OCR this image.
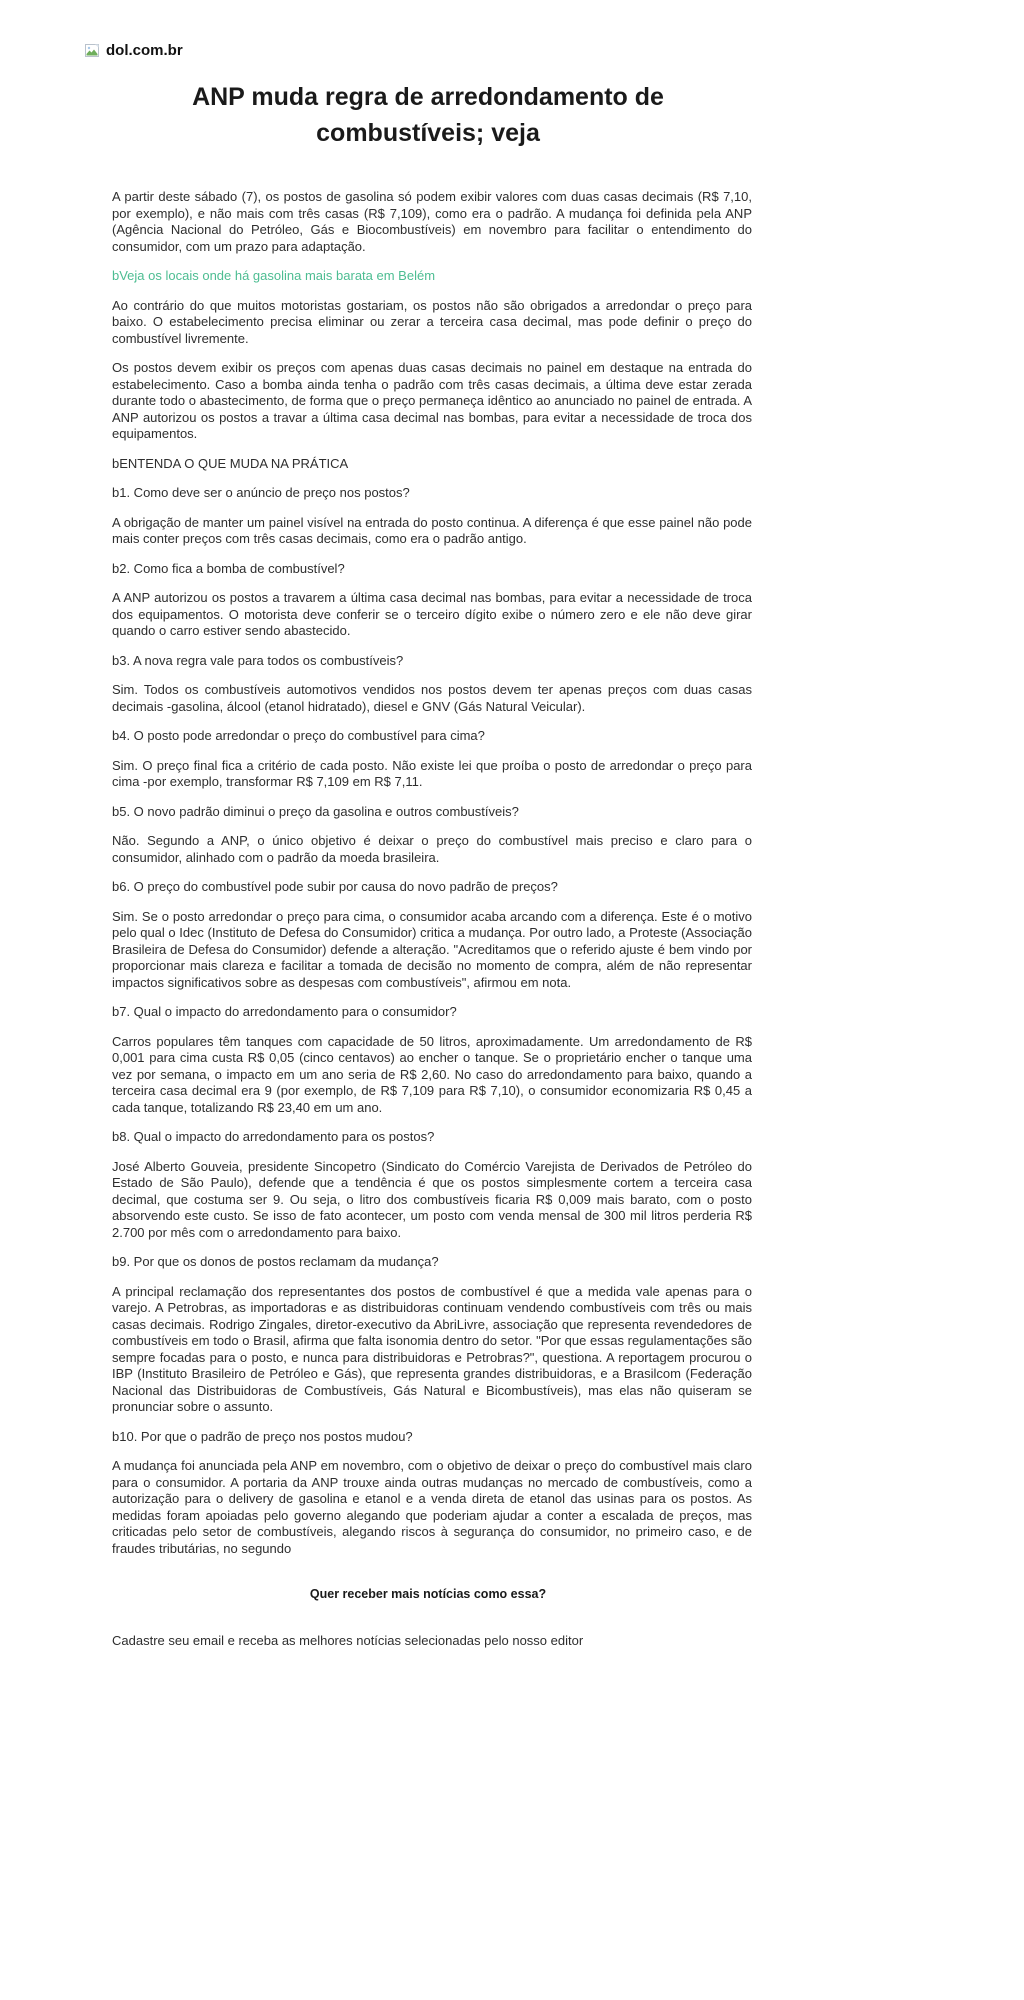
dol.com.br
ANP muda regra de arredondamento de combustíveis; veja

A partir deste sábado (7), os postos de gasolina só podem exibir valores com duas casas decimais (R$ 7,10, por exemplo), e não mais com três casas (R$ 7,109), como era o padrão. A mudança foi definida pela ANP (Agência Nacional do Petróleo, Gás e Biocombustíveis) em novembro para facilitar o entendimento do consumidor, com um prazo para adaptação.

bVeja os locais onde há gasolina mais barata em Belém

Ao contrário do que muitos motoristas gostariam, os postos não são obrigados a arredondar o preço para baixo. O estabelecimento precisa eliminar ou zerar a terceira casa decimal, mas pode definir o preço do combustível livremente.

Os postos devem exibir os preços com apenas duas casas decimais no painel em destaque na entrada do estabelecimento. Caso a bomba ainda tenha o padrão com três casas decimais, a última deve estar zerada durante todo o abastecimento, de forma que o preço permaneça idêntico ao anunciado no painel de entrada. A ANP autorizou os postos a travar a última casa decimal nas bombas, para evitar a necessidade de troca dos equipamentos.

bENTENDA O QUE MUDA NA PRÁTICA

b1. Como deve ser o anúncio de preço nos postos?

A obrigação de manter um painel visível na entrada do posto continua. A diferença é que esse painel não pode mais conter preços com três casas decimais, como era o padrão antigo.

b2. Como fica a bomba de combustível?

A ANP autorizou os postos a travarem a última casa decimal nas bombas, para evitar a necessidade de troca dos equipamentos. O motorista deve conferir se o terceiro dígito exibe o número zero e ele não deve girar quando o carro estiver sendo abastecido.

b3. A nova regra vale para todos os combustíveis?

Sim. Todos os combustíveis automotivos vendidos nos postos devem ter apenas preços com duas casas decimais -gasolina, álcool (etanol hidratado), diesel e GNV (Gás Natural Veicular).

b4. O posto pode arredondar o preço do combustível para cima?

Sim. O preço final fica a critério de cada posto. Não existe lei que proíba o posto de arredondar o preço para cima -por exemplo, transformar R$ 7,109 em R$ 7,11.

b5. O novo padrão diminui o preço da gasolina e outros combustíveis?

Não. Segundo a ANP, o único objetivo é deixar o preço do combustível mais preciso e claro para o consumidor, alinhado com o padrão da moeda brasileira.

b6. O preço do combustível pode subir por causa do novo padrão de preços?

Sim. Se o posto arredondar o preço para cima, o consumidor acaba arcando com a diferença. Este é o motivo pelo qual o Idec (Instituto de Defesa do Consumidor) critica a mudança. Por outro lado, a Proteste (Associação Brasileira de Defesa do Consumidor) defende a alteração. "Acreditamos que o referido ajuste é bem vindo por proporcionar mais clareza e facilitar a tomada de decisão no momento de compra, além de não representar impactos significativos sobre as despesas com combustíveis", afirmou em nota.

b7. Qual o impacto do arredondamento para o consumidor?

Carros populares têm tanques com capacidade de 50 litros, aproximadamente. Um arredondamento de R$ 0,001 para cima custa R$ 0,05 (cinco centavos) ao encher o tanque. Se o proprietário encher o tanque uma vez por semana, o impacto em um ano seria de R$ 2,60. No caso do arredondamento para baixo, quando a terceira casa decimal era 9 (por exemplo, de R$ 7,109 para R$ 7,10), o consumidor economizaria R$ 0,45 a cada tanque, totalizando R$ 23,40 em um ano.

b8. Qual o impacto do arredondamento para os postos?

José Alberto Gouveia, presidente Sincopetro (Sindicato do Comércio Varejista de Derivados de Petróleo do Estado de São Paulo), defende que a tendência é que os postos simplesmente cortem a terceira casa decimal, que costuma ser 9. Ou seja, o litro dos combustíveis ficaria R$ 0,009 mais barato, com o posto absorvendo este custo. Se isso de fato acontecer, um posto com venda mensal de 300 mil litros perderia R$ 2.700 por mês com o arredondamento para baixo.

b9. Por que os donos de postos reclamam da mudança?

A principal reclamação dos representantes dos postos de combustível é que a medida vale apenas para o varejo. A Petrobras, as importadoras e as distribuidoras continuam vendendo combustíveis com três ou mais casas decimais. Rodrigo Zingales, diretor-executivo da AbriLivre, associação que representa revendedores de combustíveis em todo o Brasil, afirma que falta isonomia dentro do setor. "Por que essas regulamentações são sempre focadas para o posto, e nunca para distribuidoras e Petrobras?", questiona. A reportagem procurou o IBP (Instituto Brasileiro de Petróleo e Gás), que representa grandes distribuidoras, e a Brasilcom (Federação Nacional das Distribuidoras de Combustíveis, Gás Natural e Bicombustíveis), mas elas não quiseram se pronunciar sobre o assunto.

b10. Por que o padrão de preço nos postos mudou?

A mudança foi anunciada pela ANP em novembro, com o objetivo de deixar o preço do combustível mais claro para o consumidor. A portaria da ANP trouxe ainda outras mudanças no mercado de combustíveis, como a autorização para o delivery de gasolina e etanol e a venda direta de etanol das usinas para os postos. As medidas foram apoiadas pelo governo alegando que poderiam ajudar a conter a escalada de preços, mas criticadas pelo setor de combustíveis, alegando riscos à segurança do consumidor, no primeiro caso, e de fraudes tributárias, no segundo

Quer receber mais notícias como essa?

Cadastre seu email e receba as melhores notícias selecionadas pelo nosso editor
